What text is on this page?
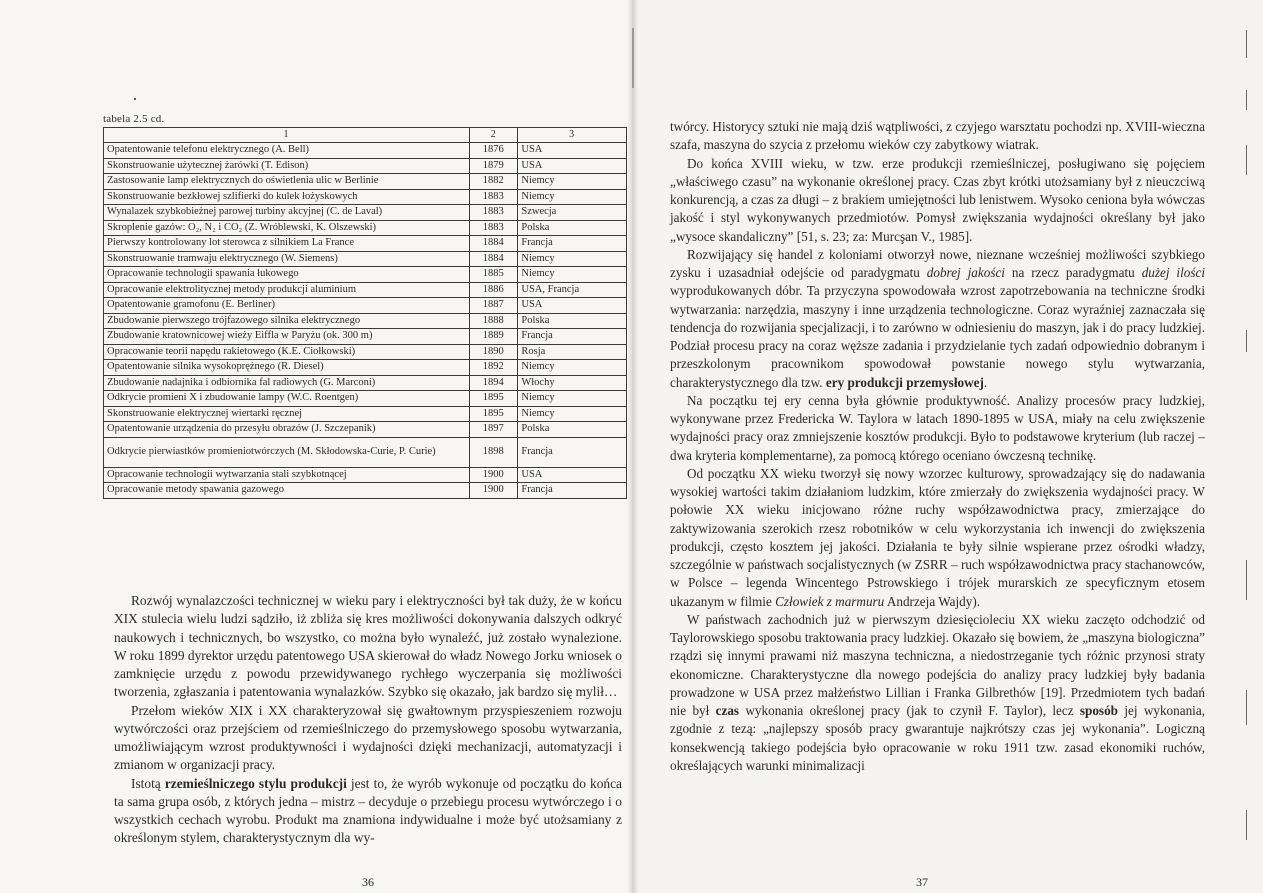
tabela 2.5 cd.
1	2	3
Opatentowanie telefonu elektrycznego (A. Bell)	1876	USA
Skonstruowanie użytecznej żarówki (T. Edison)	1879	USA
Zastosowanie lamp elektrycznych do oświetlenia ulic w Berlinie	1882	Niemcy
Skonstruowanie bezkłowej szlifierki do kulek łożyskowych	1883	Niemcy
Wynalazek szybkobieżnej parowej turbiny akcyjnej (C. de Laval)	1883	Szwecja
Skroplenie gazów: O₂, N₂ i CO₂ (Z. Wróblewski, K. Olszewski)	1883	Polska
Pierwszy kontrolowany lot sterowca z silnikiem La France	1884	Francja
Skonstruowanie tramwaju elektrycznego (W. Siemens)	1884	Niemcy
Opracowanie technologii spawania łukowego	1885	Niemcy
Opracowanie elektrolitycznej metody produkcji aluminium	1886	USA, Francja
Opatentowanie gramofonu (E. Berliner)	1887	USA
Zbudowanie pierwszego trójfazowego silnika elektrycznego	1888	Polska
Zbudowanie kratownicowej wieży Eiffla w Paryżu (ok. 300 m)	1889	Francja
Opracowanie teorii napędu rakietowego (K.E. Ciołkowski)	1890	Rosja
Opatentowanie silnika wysokoprężnego (R. Diesel)	1892	Niemcy
Zbudowanie nadajnika i odbiornika fal radiowych (G. Marconi)	1894	Włochy
Odkrycie promieni X i zbudowanie lampy (W.C. Roentgen)	1895	Niemcy
Skonstruowanie elektrycznej wiertarki ręcznej	1895	Niemcy
Opatentowanie urządzenia do przesyłu obrazów (J. Szczepanik)	1897	Polska
Odkrycie pierwiastków promieniotwórczych (M. Skłodowska-Curie, P. Curie)	1898	Francja
Opracowanie technologii wytwarzania stali szybkotnącej	1900	USA
Opracowanie metody spawania gazowego	1900	Francja

Rozwój wynalazczości technicznej w wieku pary i elektryczności był tak duży, że w końcu XIX stulecia wielu ludzi sądziło, iż zbliża się kres możliwości dokonywania dalszych odkryć naukowych i technicznych, bo wszystko, co można było wynaleźć, już zostało wynalezione. W roku 1899 dyrektor urzędu patentowego USA skierował do władz Nowego Jorku wniosek o zamknięcie urzędu z powodu przewidywanego rychłego wyczerpania się możliwości tworzenia, zgłaszania i patentowania wynalazków. Szybko się okazało, jak bardzo się mylił…

Przełom wieków XIX i XX charakteryzował się gwałtownym przyspieszeniem rozwoju wytwórczości oraz przejściem od rzemieślniczego do przemysłowego sposobu wytwarzania, umożliwiającym wzrost produktywności i wydajności dzięki mechanizacji, automatyzacji i zmianom w organizacji pracy.

Istotą rzemieślniczego stylu produkcji jest to, że wyrób wykonuje od początku do końca ta sama grupa osób, z których jedna – mistrz – decyduje o przebiegu procesu wytwórczego i o wszystkich cechach wyrobu. Produkt ma znamiona indywidualne i może być utożsamiany z określonym stylem, charakterystycznym dla wy-

twórcy. Historycy sztuki nie mają dziś wątpliwości, z czyjego warsztatu pochodzi np. XVIII-wieczna szafa, maszyna do szycia z przełomu wieków czy zabytkowy wiatrak.

Do końca XVIII wieku, w tzw. erze produkcji rzemieślniczej, posługiwano się pojęciem „właściwego czasu” na wykonanie określonej pracy. Czas zbyt krótki utożsamiany był z nieuczciwą konkurencją, a czas za długi – z brakiem umiejętności lub lenistwem. Wysoko ceniona była wówczas jakość i styl wykonywanych przedmiotów. Pomysł zwiększania wydajności określany był jako „wysoce skandaliczny” [51, s. 23; za: Murcşan V., 1985].

Rozwijający się handel z koloniami otworzył nowe, nieznane wcześniej możliwości szybkiego zysku i uzasadniał odejście od paradygmatu dobrej jakości na rzecz paradygmatu dużej ilości wyprodukowanych dóbr. Ta przyczyna spowodowała wzrost zapotrzebowania na techniczne środki wytwarzania: narzędzia, maszyny i inne urządzenia technologiczne. Coraz wyraźniej zaznaczała się tendencja do rozwijania specjalizacji, i to zarówno w odniesieniu do maszyn, jak i do pracy ludzkiej. Podział procesu pracy na coraz węższe zadania i przydzielanie tych zadań odpowiednio dobranym i przeszkolonym pracownikom spowodował powstanie nowego stylu wytwarzania, charakterystycznego dla tzw. ery produkcji przemysłowej.

Na początku tej ery cenna była głównie produktywność. Analizy procesów pracy ludzkiej, wykonywane przez Fredericka W. Taylora w latach 1890-1895 w USA, miały na celu zwiększenie wydajności pracy oraz zmniejszenie kosztów produkcji. Było to podstawowe kryterium (lub raczej – dwa kryteria komplementarne), za pomocą którego oceniano ówczesną technikę.

Od początku XX wieku tworzył się nowy wzorzec kulturowy, sprowadzający się do nadawania wysokiej wartości takim działaniom ludzkim, które zmierzały do zwiększenia wydajności pracy. W połowie XX wieku inicjowano różne ruchy współzawodnictwa pracy, zmierzające do zaktywizowania szerokich rzesz robotników w celu wykorzystania ich inwencji do zwiększenia produkcji, często kosztem jej jakości. Działania te były silnie wspierane przez ośrodki władzy, szczególnie w państwach socjalistycznych (w ZSRR – ruch współzawodnictwa pracy stachanowców, w Polsce – legenda Wincentego Pstrowskiego i trójek murarskich ze specyficznym etosem ukazanym w filmie Człowiek z marmuru Andrzeja Wajdy).

W państwach zachodnich już w pierwszym dziesięcioleciu XX wieku zaczęto odchodzić od Taylorowskiego sposobu traktowania pracy ludzkiej. Okazało się bowiem, że „maszyna biologiczna” rządzi się innymi prawami niż maszyna techniczna, a niedostrzeganie tych różnic przynosi straty ekonomiczne. Charakterystyczne dla nowego podejścia do analizy pracy ludzkiej były badania prowadzone w USA przez małżeństwo Lillian i Franka Gilbrethów [19]. Przedmiotem tych badań nie był czas wykonania określonej pracy (jak to czynił F. Taylor), lecz sposób jej wykonania, zgodnie z tezą: „najlepszy sposób pracy gwarantuje najkrótszy czas jej wykonania”. Logiczną konsekwencją takiego podejścia było opracowanie w roku 1911 tzw. zasad ekonomiki ruchów, określających warunki minimalizacji

36	37
